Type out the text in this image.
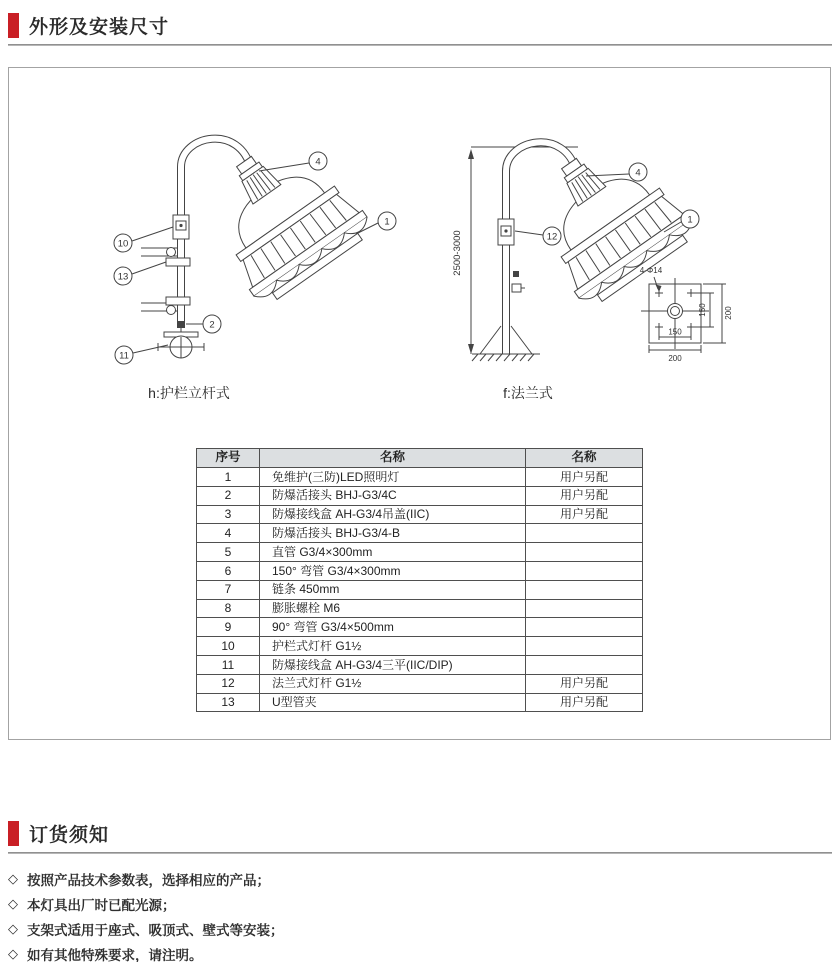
外形及安装尺寸
4
1
10
13
2
11
h:护栏立杆式
2500-3000
4
1
12
4-Φ14
150 200
150
200
f:法兰式
序号	名称	名称
1	免维护(三防)LED照明灯	用户另配
2	防爆活接头 BHJ-G3/4C	用户另配
3	防爆接线盒 AH-G3/4吊盖(IIC)	用户另配
4	防爆活接头 BHJ-G3/4-B	
5	直管 G3/4×300mm	
6	150° 弯管 G3/4×300mm	
7	链条 450mm	
8	膨胀螺栓 M6	
9	90° 弯管 G3/4×500mm	
10	护栏式灯杆 G1½	
11	防爆接线盒 AH-G3/4三平(IIC/DIP)	
12	法兰式灯杆 G1½	用户另配
13	U型管夹	用户另配
订货须知
◇ 按照产品技术参数表，选择相应的产品；
◇ 本灯具出厂时已配光源；
◇ 支架式适用于座式、吸顶式、壁式等安装；
◇ 如有其他特殊要求，请注明。
